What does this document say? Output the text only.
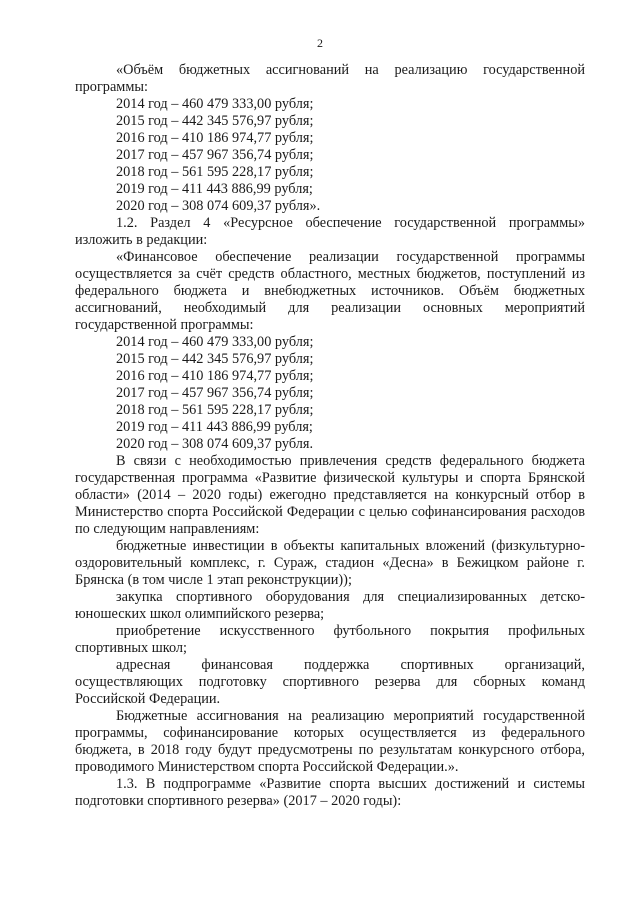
2

«Объём бюджетных ассигнований на реализацию государственной программы:

2014 год – 460 479 333,00 рубля;

2015 год – 442 345 576,97 рубля;

2016 год – 410 186 974,77 рубля;

2017 год – 457 967 356,74 рубля;

2018 год – 561 595 228,17 рубля;

2019 год – 411 443 886,99 рубля;

2020 год – 308 074 609,37 рубля».

1.2. Раздел 4 «Ресурсное обеспечение государственной программы» изложить в редакции:

«Финансовое обеспечение реализации государственной программы осуществляется за счёт средств областного, местных бюджетов, поступлений из федерального бюджета и внебюджетных источников. Объём бюджетных ассигнований, необходимый для реализации основных мероприятий государственной программы:

2014 год – 460 479 333,00 рубля;

2015 год – 442 345 576,97 рубля;

2016 год – 410 186 974,77 рубля;

2017 год – 457 967 356,74 рубля;

2018 год – 561 595 228,17 рубля;

2019 год – 411 443 886,99 рубля;

2020 год – 308 074 609,37 рубля.

В связи с необходимостью привлечения средств федерального бюджета государственная программа «Развитие физической культуры и спорта Брянской области» (2014 – 2020 годы) ежегодно представляется на конкурсный отбор в Министерство спорта Российской Федерации с целью софинансирования расходов по следующим направлениям:

бюджетные инвестиции в объекты капитальных вложений (физкультурно-оздоровительный комплекс, г. Сураж, стадион «Десна» в Бежицком районе г. Брянска (в том числе 1 этап реконструкции));

закупка спортивного оборудования для специализированных детско-юношеских школ олимпийского резерва;

приобретение искусственного футбольного покрытия профильных спортивных школ;

адресная финансовая поддержка спортивных организаций, осуществляющих подготовку спортивного резерва для сборных команд Российской Федерации.

Бюджетные ассигнования на реализацию мероприятий государственной программы, софинансирование которых осуществляется из федерального бюджета, в 2018 году будут предусмотрены по результатам конкурсного отбора, проводимого Министерством спорта Российской Федерации.».

1.3. В подпрограмме «Развитие спорта высших достижений и системы подготовки спортивного резерва» (2017 – 2020 годы):
